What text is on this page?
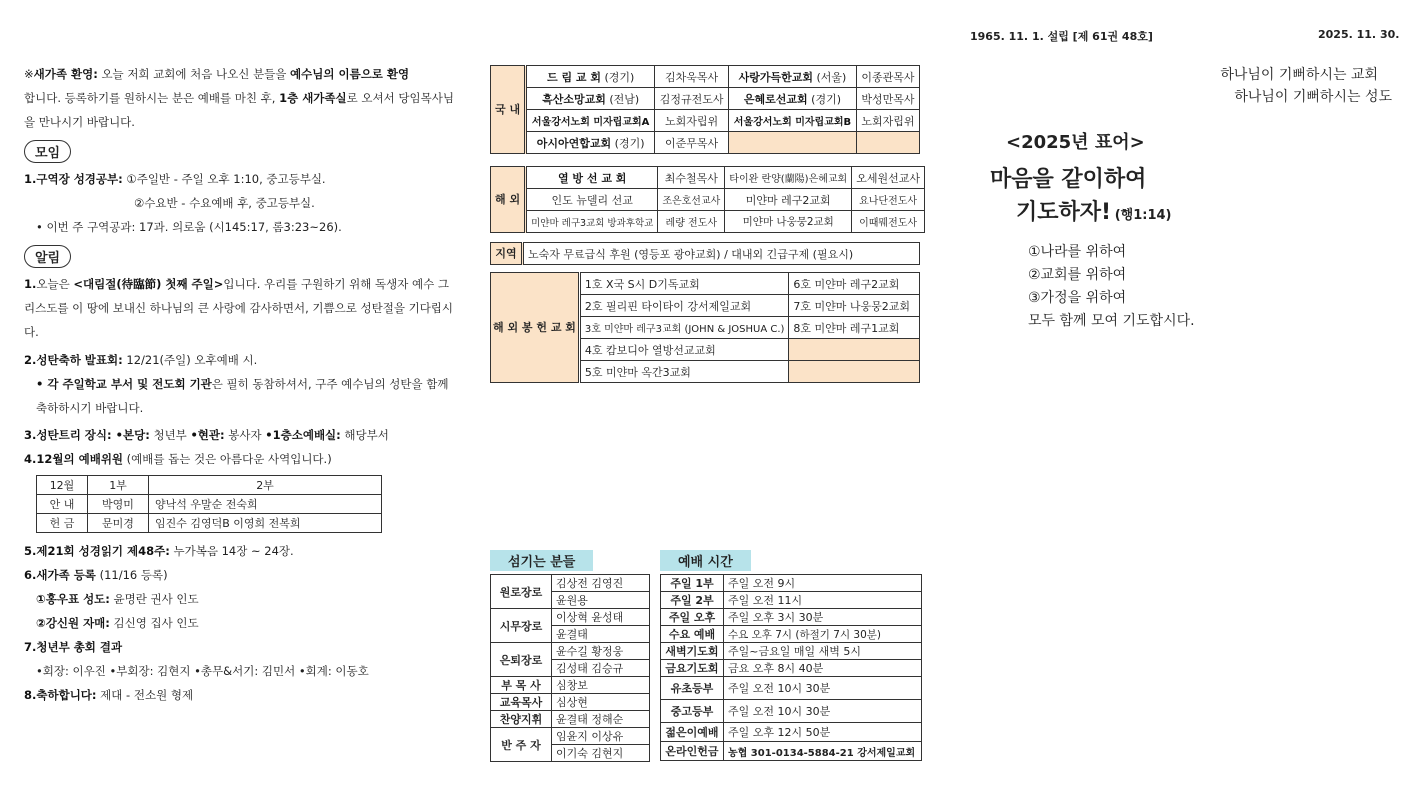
※새가족 환영: 오늘 저희 교회에 처음 나오신 분들을 예수님의 이름으로 환영
합니다. 등록하기를 원하시는 분은 예배를 마친 후, 1층 새가족실로 오셔서 당임목사님을 만나시기 바랍니다.

모임

1.구역장 성경공부: ①주일반 - 주일 오후 1:10, 중고등부실.

②수요반 - 수요예배 후, 중고등부실.

• 이번 주 구역공과: 17과. 의로움 (시145:17, 롬3:23~26).

알림

1.오늘은 <대림절(待臨節) 첫째 주일>입니다. 우리를 구원하기 위해 독생자 예수 그리스도를 이 땅에 보내신 하나님의 큰 사랑에 감사하면서, 기쁨으로 성탄절을 기다립시다.

2.성탄축하 발표회: 12/21(주일) 오후예배 시.

• 각 주일학교 부서 및 전도회 기관은 필히 동참하셔서, 구주 예수님의 성탄을 함께 축하하시기 바랍니다.

3.성탄트리 장식: •본당: 청년부 •현관: 봉사자 •1층소예배실: 해당부서

4.12월의 예배위원 (예배를 돕는 것은 아름다운 사역입니다.)

12월	1부	2부
안 내	박영미	양낙석 우말순 전숙희
헌 금	문미경	임진수 김영덕B 이영희 전복희

5.제21회 성경읽기 제48주: 누가복음 14장 ~ 24장.

6.새가족 등록 (11/16 등록)

①홍우표 성도: 윤명란 권사 인도

②강신원 자매: 김신영 집사 인도

7.청년부 총회 결과

•회장: 이우진 •부회장: 김현지 •총무&서기: 김민서 •회계: 이동호

8.축하합니다: 제대 - 전소원 형제

국 내	드 림 교 회 (경기)	김차욱목사	사랑가득한교회 (서울)	이종관목사
	흑산소망교회 (전남)	김정규전도사	은혜로선교회 (경기)	박성만목사
	서울강서노회 미자립교회A	노회자립위	서울강서노회 미자립교회B	노회자립위
	아시아연합교회 (경기)	이준무목사		
해 외	열 방 선 교 회	최수철목사	타이완 란양(蘭陽)은혜교회	오세원선교사
	인도 뉴델리 선교	조은호선교사	미얀마 레구2교회	요나단전도사
	미얀마 레구3교회 방과후학교	레량 전도사	미얀마 나웅뭉2교회	이때뭬전도사
지역	노숙자 무료급식 후원 (영등포 광야교회) / 대내외 긴급구제 (필요시)
해 외 봉 헌 교 회	1호 X국 S시 D기독교회	6호 미얀마 레구2교회
	2호 필리핀 타이타이 강서제일교회	7호 미얀마 나웅뭉2교회
	3호 미얀마 레구3교회 (JOHN & JOSHUA C.)	8호 미얀마 레구1교회
	4호 캄보디아 열방선교교회	
	5호 미얀마 옥간3교회	
섬기는 분들
원로장로	김상전 김영진
	윤원용
시무장로	이상혁 윤성태
	윤결태
은퇴장로	윤수길 황정웅
	김성태 김승규
부 목 사	심창보
교육목사	심상현
찬양지휘	윤결태 정해순
반 주 자	임윤지 이상유
	이기숙 김현지
예배 시간
주일 1부	주일 오전 9시
주일 2부	주일 오전 11시
주일 오후	주일 오후 3시 30분
수요 예배	수요 오후 7시 (하절기 7시 30분)
새벽기도회	주일~금요일 매일 새벽 5시
금요기도회	금요 오후 8시 40분
유초등부	주일 오전 10시 30분
중고등부	주일 오전 10시 30분
젊은이예배	주일 오후 12시 50분
온라인헌금	농협 301-0134-5884-21 강서제일교회
1965. 11. 1. 설립 [제 61권 48호]	2025. 11. 30.
하나님이 기뻐하시는 교회
하나님이 기뻐하시는 성도
<2025년 표어>
마음을 같이하여
기도하자! (행1:14)

①나라를 위하여

②교회를 위하여

③가정을 위하여

모두 함께 모여 기도합시다.
